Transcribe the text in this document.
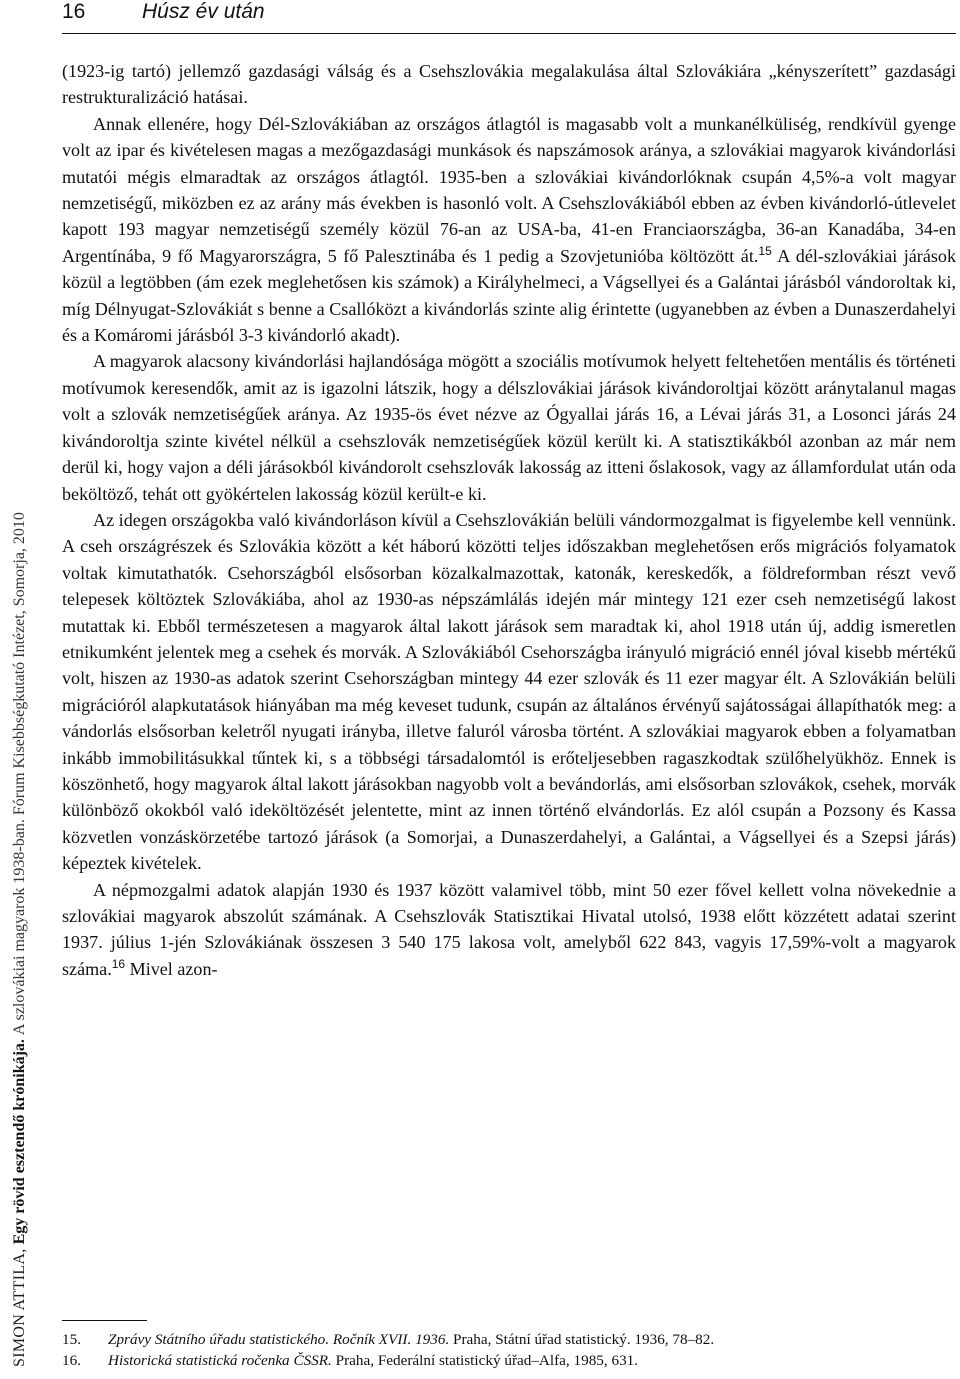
16	Húsz év után
SIMON ATTILA,

Egy rövid esztendő krónikája.

A szlovákiai magyarok 1938-ban. Fórum Kisebbségkutató Intézet, Somorja, 2010

(1923-ig tartó) jellemző gazdasági válság és a Csehszlovákia megalakulása által Szlovákiára „kényszerített” gazdasági restrukturalizáció hatásai.

Annak ellenére, hogy Dél-Szlovákiában az országos átlagtól is magasabb volt a munkanélküliség, rendkívül gyenge volt az ipar és kivételesen magas a mezőgazdasági munkások és napszámosok aránya, a szlovákiai magyarok kivándorlási mutatói mégis elmaradtak az országos átlagtól. 1935-ben a szlovákiai kivándorlóknak csupán 4,5%-a volt magyar nemzetiségű, miközben ez az arány más években is hasonló volt. A Csehszlovákiából ebben az évben kivándorló-útlevelet kapott 193 magyar nemzetiségű személy közül 76-an az USA-ba, 41-en Franciaországba, 36-an Kanadába, 34-en Argentínába, 9 fő Magyarországra, 5 fő Palesztinába és 1 pedig a Szovjetunióba költözött át.$^{15}$ A dél-szlovákiai járások közül a legtöbben (ám ezek meglehetősen kis számok) a Királyhelmeci, a Vágsellyei és a Galántai járásból vándoroltak ki, míg Délnyugat-Szlovákiát s benne a Csallóközt a kivándorlás szinte alig érintette (ugyanebben az évben a Dunaszerdahelyi és a Komáromi járásból 3-3 kivándorló akadt).

A magyarok alacsony kivándorlási hajlandósága mögött a szociális motívumok helyett feltehetően mentális és történeti motívumok keresendők, amit az is igazolni látszik, hogy a délszlovákiai járások kivándoroltjai között aránytalanul magas volt a szlovák nemzetiségűek aránya. Az 1935-ös évet nézve az Ógyallai járás 16, a Lévai járás 31, a Losonci járás 24 kivándoroltja szinte kivétel nélkül a csehszlovák nemzetiségűek közül került ki. A statisztikákból azonban az már nem derül ki, hogy vajon a déli járásokból kivándorolt csehszlovák lakosság az itteni őslakosok, vagy az államfordulat után oda beköltöző, tehát ott gyökértelen lakosság közül került-e ki.

Az idegen országokba való kivándorláson kívül a Csehszlovákián belüli vándormozgalmat is figyelembe kell vennünk. A cseh országrészek és Szlovákia között a két háború közötti teljes időszakban meglehetősen erős migrációs folyamatok voltak kimutathatók. Csehországból elsősorban közalkalmazottak, katonák, kereskedők, a földreformban részt vevő telepesek költöztek Szlovákiába, ahol az 1930-as népszámlálás idején már mintegy 121 ezer cseh nemzetiségű lakost mutattak ki. Ebből természetesen a magyarok által lakott járások sem maradtak ki, ahol 1918 után új, addig ismeretlen etnikumként jelentek meg a csehek és morvák. A Szlovákiából Csehországba irányuló migráció ennél jóval kisebb mértékű volt, hiszen az 1930-as adatok szerint Csehországban mintegy 44 ezer szlovák és 11 ezer magyar élt. A Szlovákián belüli migrációról alapkutatások hiányában ma még keveset tudunk, csupán az általános érvényű sajátosságai állapíthatók meg: a vándorlás elsősorban keletről nyugati irányba, illetve faluról városba történt. A szlovákiai magyarok ebben a folyamatban inkább immobilitásukkal tűntek ki, s a többségi társadalomtól is erőteljesebben ragaszkodtak szülőhelyükhöz. Ennek is köszönhető, hogy magyarok által lakott járásokban nagyobb volt a bevándorlás, ami elsősorban szlovákok, csehek, morvák különböző okokból való ideköltözését jelentette, mint az innen történő elvándorlás. Ez alól csupán a Pozsony és Kassa közvetlen vonzáskörzetébe tartozó járások (a Somorjai, a Dunaszerdahelyi, a Galántai, a Vágsellyei és a Szepsi járás) képeztek kivételek.

A népmozgalmi adatok alapján 1930 és 1937 között valamivel több, mint 50 ezer fővel kellett volna növekednie a szlovákiai magyarok abszolút számának. A Csehszlovák Statisztikai Hivatal utolsó, 1938 előtt közzétett adatai szerint 1937. július 1-jén Szlovákiának összesen 3 540 175 lakosa volt, amelyből 622 843, vagyis 17,59%-volt a magyarok száma.$^{16}$ Mivel azon-

15.	Zprávy Státního úřadu statistického. Ročník XVII. 1936. Praha, Státní úřad statistický. 1936, 78–82.
16.	Historická statistická ročenka ČSSR. Praha, Federální statistický úřad–Alfa, 1985, 631.
